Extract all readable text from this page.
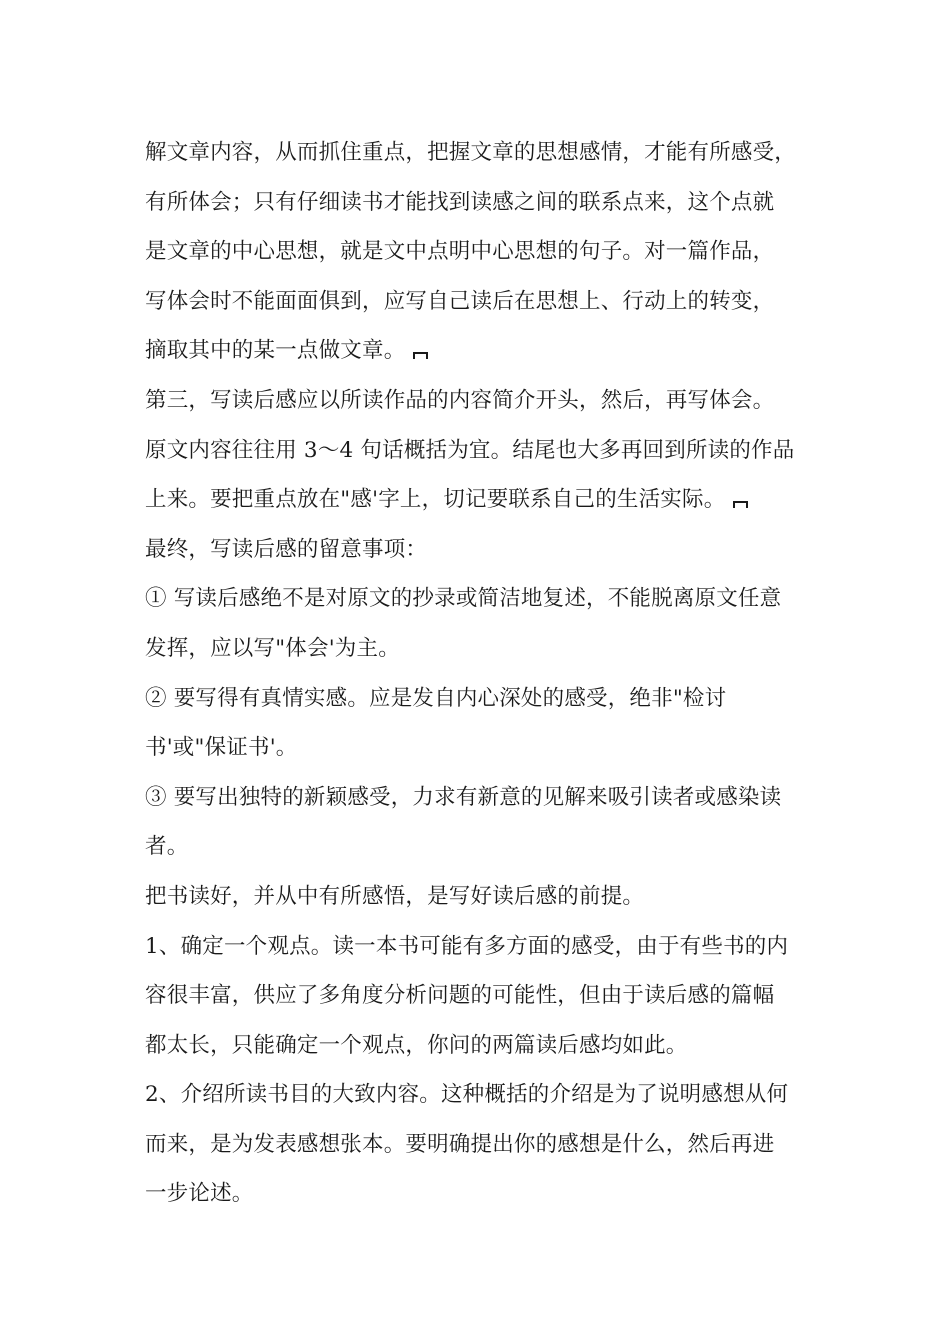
解文章内容，从而抓住重点，把握文章的思想感情，才能有所感受，
有所体会；只有仔细读书才能找到读感之间的联系点来，这个点就
是文章的中心思想，就是文中点明中心思想的句子。对一篇作品，
写体会时不能面面俱到，应写自己读后在思想上、行动上的转变，
摘取其中的某一点做文章。
第三，写读后感应以所读作品的内容简介开头，然后，再写体会。
原文内容往往用 3～4 句话概括为宜。结尾也大多再回到所读的作品
上来。要把重点放在"感'字上，切记要联系自己的生活实际。
最终，写读后感的留意事项：
① 写读后感绝不是对原文的抄录或简洁地复述，不能脱离原文任意
发挥，应以写"体会'为主。
② 要写得有真情实感。应是发自内心深处的感受，绝非"检讨
书'或"保证书'。
③ 要写出独特的新颖感受，力求有新意的见解来吸引读者或感染读
者。
把书读好，并从中有所感悟，是写好读后感的前提。
1、确定一个观点。读一本书可能有多方面的感受，由于有些书的内
容很丰富，供应了多角度分析问题的可能性，但由于读后感的篇幅
都太长，只能确定一个观点，你问的两篇读后感均如此。
2、介绍所读书目的大致内容。这种概括的介绍是为了说明感想从何
而来，是为发表感想张本。要明确提出你的感想是什么，然后再进
一步论述。
